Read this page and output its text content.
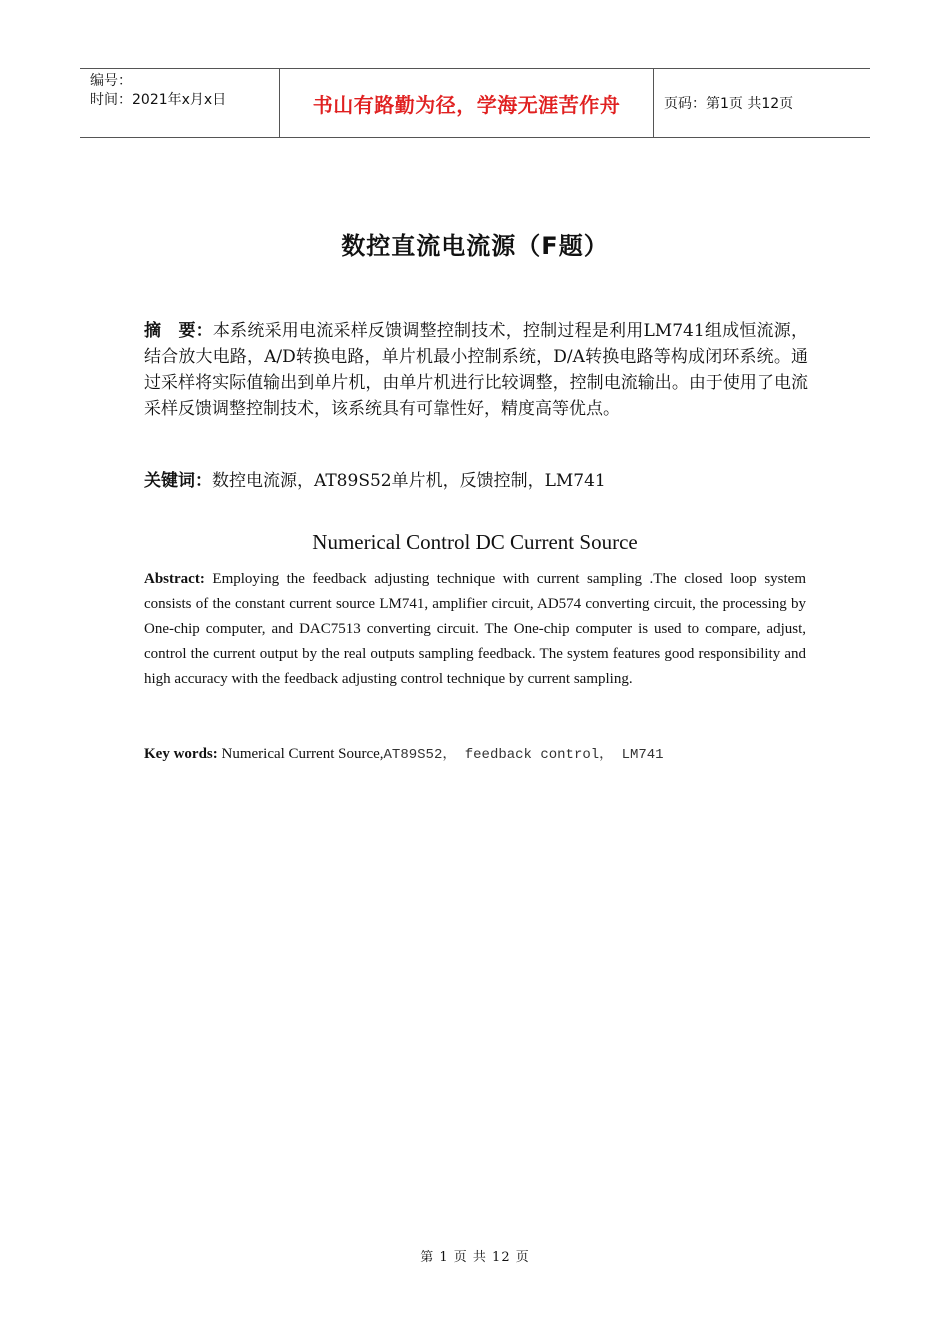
编号：
时间：2021年x月x日	书山有路勤为径，学海无涯苦作舟	页码：第1页 共12页
数控直流电流源（F题）
摘　要：本系统采用电流采样反馈调整控制技术，控制过程是利用LM741组成恒流源，结合放大电路，A/D转换电路，单片机最小控制系统，D/A转换电路等构成闭环系统。通过采样将实际值输出到单片机，由单片机进行比较调整，控制电流输出。由于使用了电流采样反馈调整控制技术，该系统具有可靠性好，精度高等优点。
关键词：数控电流源，AT89S52单片机，反馈控制，LM741
Numerical Control DC Current Source
Abstract: Employing the feedback adjusting technique with current sampling .The closed loop system consists of the constant current source LM741, amplifier circuit, AD574 converting circuit, the processing by One-chip computer, and DAC7513 converting circuit. The One-chip computer is used to compare, adjust, control the current output by the real outputs sampling feedback. The system features good responsibility and high accuracy with the feedback adjusting control technique by current sampling.
Key words: Numerical Current Source,AT89S52， feedback control， LM741
第 1 页 共 12 页
